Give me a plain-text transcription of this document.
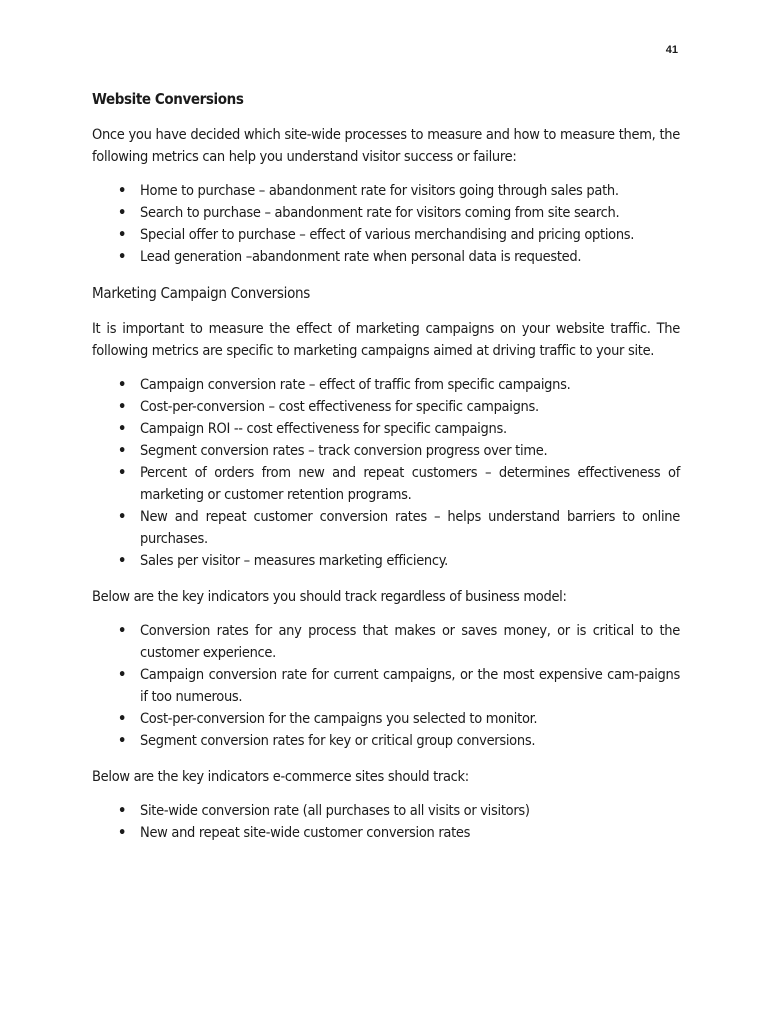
41
Website Conversions

Once you have decided which site-wide processes to measure and how to measure them, the following metrics can help you understand visitor success or failure:

• Home to purchase – abandonment rate for visitors going through sales path.
• Search to purchase – abandonment rate for visitors coming from site search.
• Special offer to purchase – effect of various merchandising and pricing options.
• Lead generation –abandonment rate when personal data is requested.
Marketing Campaign Conversions

It is important to measure the effect of marketing campaigns on your website traffic. The following metrics are specific to marketing campaigns aimed at driving traffic to your site.

• Campaign conversion rate – effect of traffic from specific campaigns.
• Cost-per-conversion – cost effectiveness for specific campaigns.
• Campaign ROI -- cost effectiveness for specific campaigns.
• Segment conversion rates – track conversion progress over time.
• Percent of orders from new and repeat customers – determines effectiveness of marketing or customer retention programs.
• New and repeat customer conversion rates – helps understand barriers to online purchases.
• Sales per visitor – measures marketing efficiency.

Below are the key indicators you should track regardless of business model:

• Conversion rates for any process that makes or saves money, or is critical to the customer experience.
• Campaign conversion rate for current campaigns, or the most expensive cam-paigns if too numerous.
• Cost-per-conversion for the campaigns you selected to monitor.
• Segment conversion rates for key or critical group conversions.

Below are the key indicators e-commerce sites should track:

• Site-wide conversion rate (all purchases to all visits or visitors)
• New and repeat site-wide customer conversion rates
